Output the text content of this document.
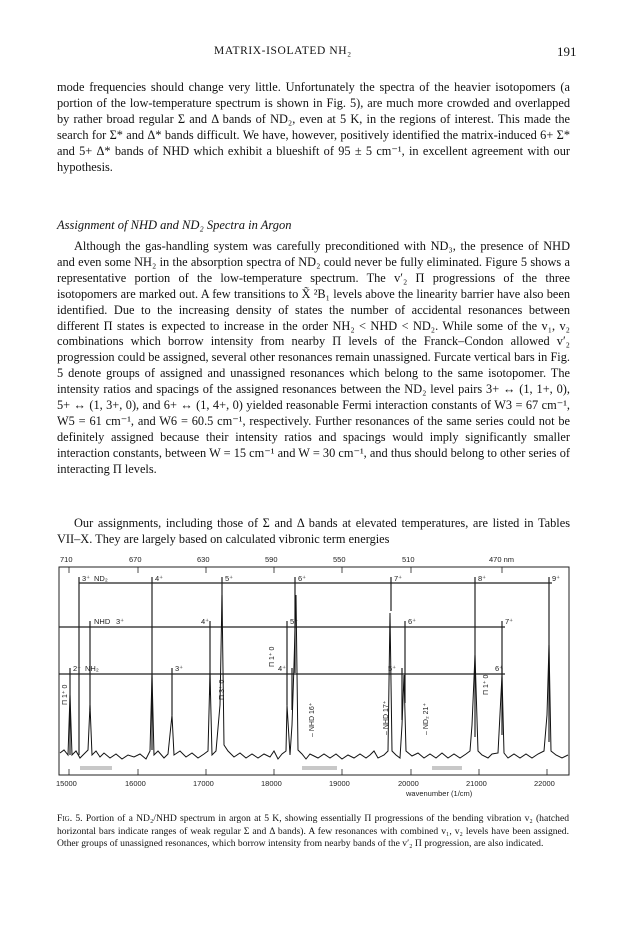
MATRIX-ISOLATED NH₂	191

mode frequencies should change very little. Unfortunately the spectra of the heavier isotopomers (a portion of the low-temperature spectrum is shown in Fig. 5), are much more crowded and overlapped by rather broad regular Σ and Δ bands of ND₂, even at 5 K, in the regions of interest. This made the search for Σ* and Δ* bands difficult. We have, however, positively identified the matrix-induced 6+ Σ* and 5+ Δ* bands of NHD which exhibit a blueshift of 95 ± 5 cm⁻¹, in excellent agreement with our hypothesis.

Assignment of NHD and ND₂ Spectra in Argon

Although the gas-handling system was carefully preconditioned with ND₃, the presence of NHD and even some NH₂ in the absorption spectra of ND₂ could never be fully eliminated. Figure 5 shows a representative portion of the low-temperature spectrum. The v′₂ Π progressions of the three isotopomers are marked out. A few transitions to X̃ ²B₁ levels above the linearity barrier have also been identified. Due to the increasing density of states the number of accidental resonances between different Π states is expected to increase in the order NH₂ < NHD < ND₂. While some of the v₁, v₂ combinations which borrow intensity from nearby Π levels of the Franck–Condon allowed v′₂ progression could be assigned, several other resonances remain unassigned. Furcate vertical bars in Fig. 5 denote groups of assigned and unassigned resonances which belong to the same isotopomer. The intensity ratios and spacings of the assigned resonances between the ND₂ level pairs 3+ ↔ (1, 1+, 0), 5+ ↔ (1, 3+, 0), and 6+ ↔ (1, 4+, 0) yielded reasonable Fermi interaction constants of W3 = 67 cm⁻¹, W5 = 61 cm⁻¹, and W6 = 60.5 cm⁻¹, respectively. Further resonances of the same series could not be definitely assigned because their intensity ratios and spacings would imply significantly smaller interaction constants, between W = 15 cm⁻¹ and W = 30 cm⁻¹, and thus should belong to other series of interacting Π levels.

Our assignments, including those of Σ and Δ bands at elevated temperatures, are listed in Tables VII–X. They are largely based on calculated vibronic term energies

710	670	630	590	550	510	470 nm
3⁺ ND₂	4⁺	5⁺	6⁺	7⁺	8⁺	9⁺
NHD 3⁺	4⁺	5⁺	6⁺	7⁺
2⁺ NH₂	3⁺	4⁺	5⁺	6⁺
Π 1⁺ 0	Π 3⁺ 0
Π 1⁺ 0
– NHD 16⁺	– NHD 17⁺	– ND₂ 21⁺
Π 1⁺ 0
15000	16000	17000	18000	19000	20000	21000	22000
wavenumber (1/cm)

Fig. 5. Portion of a ND₂/NHD spectrum in argon at 5 K, showing essentially Π progressions of the bending vibration v₂ (hatched horizontal bars indicate ranges of weak regular Σ and Δ bands). A few resonances with combined v₁, v₂ levels have been assigned. Other groups of unassigned resonances, which borrow intensity from nearby bands of the v′₂ Π progression, are also indicated.
